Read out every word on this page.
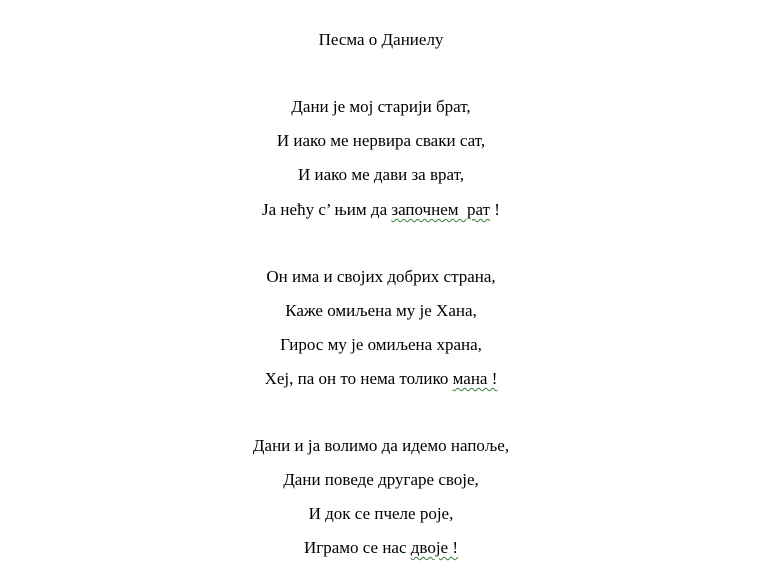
Песма о Даниелу
Дани је мој старији брат,
И иако ме нервира сваки сат,
И иако ме дави за врат,
Ја нећу с’ њим да започнем  рат !
Он има и својих добрих страна,
Каже омиљена му је Хана,
Гирос му је омиљена храна,
Хеј, па он то нема толико мана !
Дани и ја волимо да идемо напоље,
Дани поведе другаре своје,
И док се пчеле роје,
Играмо се нас двоје !
